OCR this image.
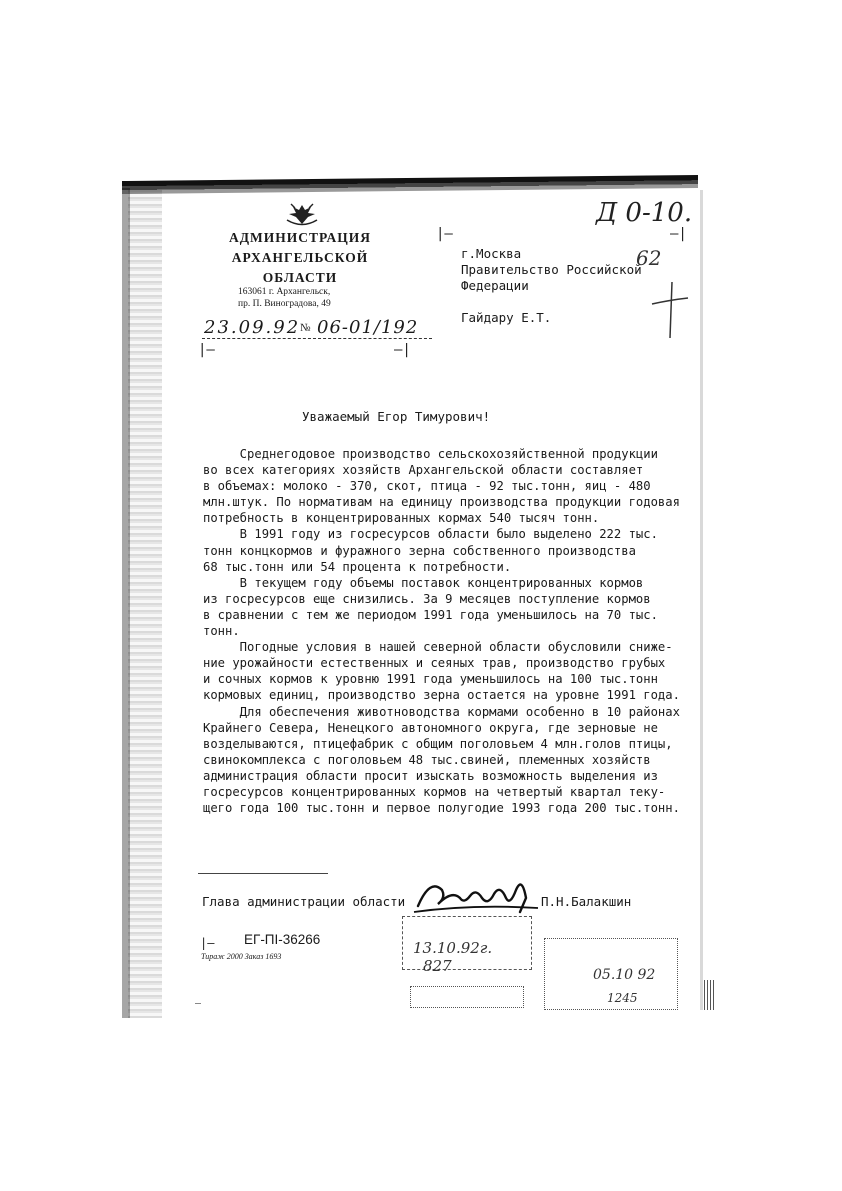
АДМИНИСТРАЦИЯ
АРХАНГЕЛЬСКОЙ
ОБЛАСТИ
163061 г. Архангельск,
пр. П. Виноградова, 49
23.09.92 № 06-01/192
|—	—|
|—	—|
г.Москва
Правительство Российской
Федерации

Гайдару Е.Т.
Д 0-10.
62
Уважаемый Егор Тимурович!

Среднегодовое производство сельскохозяйственной продукции

во всех категориях хозяйств Архангельской области составляет

в объемах: молоко - 370, скот, птица - 92 тыс.тонн, яиц - 480

млн.штук. По нормативам на единицу производства продукции годовая

потребность в концентрированных кормах 540 тысяч тонн.

В 1991 году из госресурсов области было выделено 222 тыс.

тонн концкормов и фуражного зерна собственного производства

68 тыс.тонн или 54 процента к потребности.

В текущем году объемы поставок концентрированных кормов

из госресурсов еще снизились. За 9 месяцев поступление кормов

в сравнении с тем же периодом 1991 года уменьшилось на 70 тыс.

тонн.

Погодные условия в нашей северной области обусловили сниже-

ние урожайности естественных и сеяных трав, производство грубых

и сочных кормов к уровню 1991 года уменьшилось на 100 тыс.тонн

кормовых единиц, производство зерна остается на уровне 1991 года.

Для обеспечения животноводства кормами особенно в 10 районах

Крайнего Севера, Ненецкого автономного округа, где зерновые не

возделываются, птицефабрик с общим поголовьем 4 млн.голов птицы,

свинокомплекса с поголовьем 48 тыс.свиней, племенных хозяйств

администрация области просит изыскать возможность выделения из

госресурсов концентрированных кормов на четвертый квартал теку-

щего года 100 тыс.тонн и первое полугодие 1993 года 200 тыс.тонн.

Глава администрации области	П.Н.Балакшин
|— ЕГ-ПI-36266
Тираж 2000 Заказ 1693	13.10.92г. 827	05.10 92
1245
